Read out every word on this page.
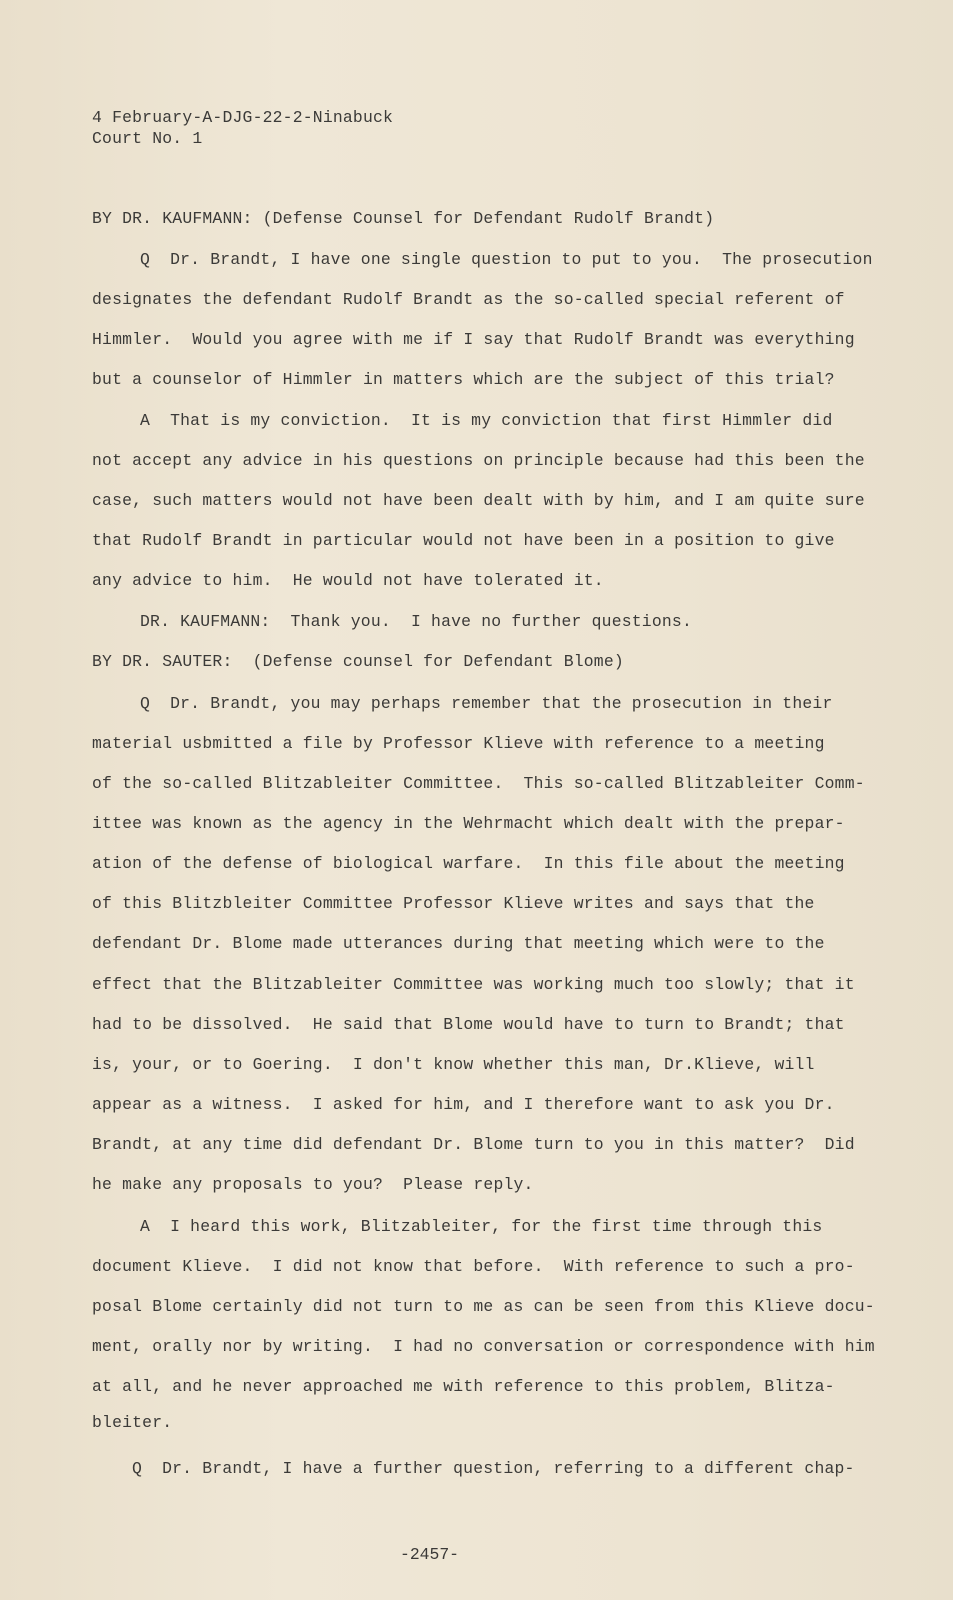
4 February-A-DJG-22-2-Ninabuck
Court No. 1
BY DR. KAUFMANN: (Defense Counsel for Defendant Rudolf Brandt)
Q  Dr. Brandt, I have one single question to put to you.  The prosecution
designates the defendant Rudolf Brandt as the so-called special referent of
Himmler.  Would you agree with me if I say that Rudolf Brandt was everything
but a counselor of Himmler in matters which are the subject of this trial?
A  That is my conviction.  It is my conviction that first Himmler did
not accept any advice in his questions on principle because had this been the
case, such matters would not have been dealt with by him, and I am quite sure
that Rudolf Brandt in particular would not have been in a position to give
any advice to him.  He would not have tolerated it.
DR. KAUFMANN:  Thank you.  I have no further questions.
BY DR. SAUTER:  (Defense counsel for Defendant Blome)
Q  Dr. Brandt, you may perhaps remember that the prosecution in their
material usbmitted a file by Professor Klieve with reference to a meeting
of the so-called Blitzableiter Committee.  This so-called Blitzableiter Comm-
ittee was known as the agency in the Wehrmacht which dealt with the prepar-
ation of the defense of biological warfare.  In this file about the meeting
of this Blitzbleiter Committee Professor Klieve writes and says that the
defendant Dr. Blome made utterances during that meeting which were to the
effect that the Blitzableiter Committee was working much too slowly; that it
had to be dissolved.  He said that Blome would have to turn to Brandt; that
is, your, or to Goering.  I don't know whether this man, Dr.Klieve, will
appear as a witness.  I asked for him, and I therefore want to ask you Dr.
Brandt, at any time did defendant Dr. Blome turn to you in this matter?  Did
he make any proposals to you?  Please reply.
A  I heard this work, Blitzableiter, for the first time through this
document Klieve.  I did not know that before.  With reference to such a pro-
posal Blome certainly did not turn to me as can be seen from this Klieve docu-
ment, orally nor by writing.  I had no conversation or correspondence with him
at all, and he never approached me with reference to this problem, Blitza-
bleiter.
Q  Dr. Brandt, I have a further question, referring to a different chap-
-2457-
